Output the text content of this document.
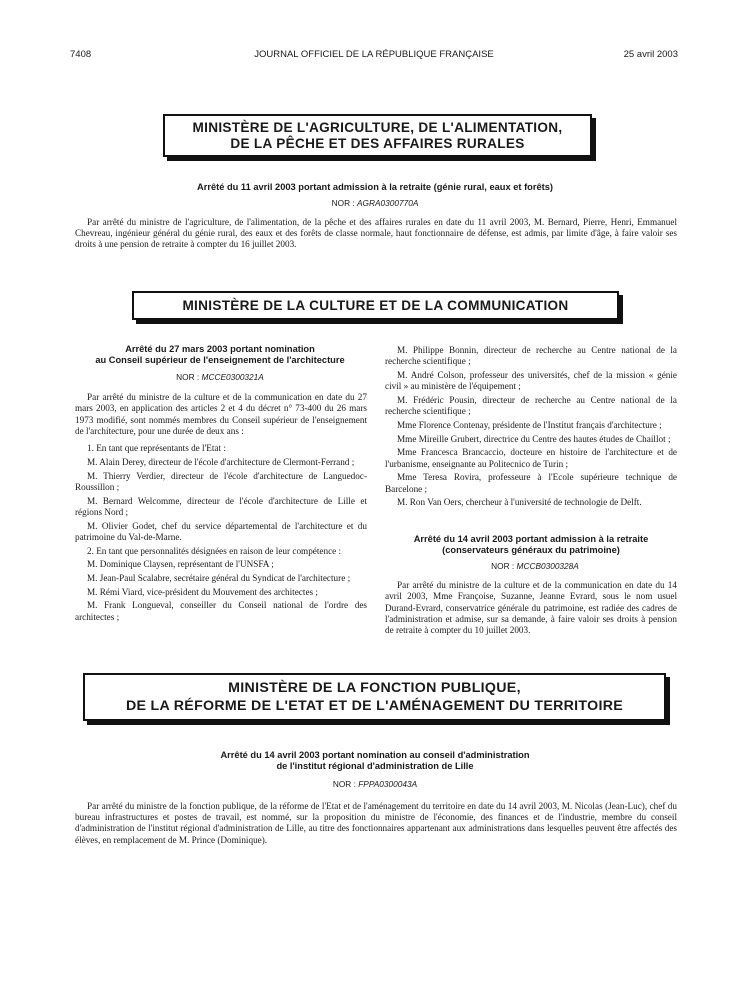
7408	JOURNAL OFFICIEL DE LA RÉPUBLIQUE FRANÇAISE	25 avril 2003
MINISTÈRE DE L'AGRICULTURE, DE L'ALIMENTATION,
DE LA PÊCHE ET DES AFFAIRES RURALES
Arrêté du 11 avril 2003 portant admission à la retraite (génie rural, eaux et forêts)
NOR : AGRA0300770A

Par arrêté du ministre de l'agriculture, de l'alimentation, de la pêche et des affaires rurales en date du 11 avril 2003, M. Bernard, Pierre, Henri, Emmanuel Chevreau, ingénieur général du génie rural, des eaux et des forêts de classe normale, haut fonctionnaire de défense, est admis, par limite d'âge, à faire valoir ses droits à une pension de retraite à compter du 16 juillet 2003.

MINISTÈRE DE LA CULTURE ET DE LA COMMUNICATION
Arrêté du 27 mars 2003 portant nomination
au Conseil supérieur de l'enseignement de l'architecture
NOR : MCCE0300321A

Par arrêté du ministre de la culture et de la communication en date du 27 mars 2003, en application des articles 2 et 4 du décret n° 73-400 du 26 mars 1973 modifié, sont nommés membres du Conseil supérieur de l'enseignement de l'architecture, pour une durée de deux ans :

1. En tant que représentants de l'Etat :

M. Alain Derey, directeur de l'école d'architecture de Clermont-Ferrand ;

M. Thierry Verdier, directeur de l'école d'architecture de Languedoc-Roussillon ;

M. Bernard Welcomme, directeur de l'école d'architecture de Lille et régions Nord ;

M. Olivier Godet, chef du service départemental de l'architecture et du patrimoine du Val-de-Marne.

2. En tant que personnalités désignées en raison de leur compétence :

M. Dominique Claysen, représentant de l'UNSFA ;

M. Jean-Paul Scalabre, secrétaire général du Syndicat de l'architecture ;

M. Rémi Viard, vice-président du Mouvement des architectes ;

M. Frank Longueval, conseiller du Conseil national de l'ordre des architectes ;

M. Philippe Bonnin, directeur de recherche au Centre national de la recherche scientifique ;

M. André Colson, professeur des universités, chef de la mission « génie civil » au ministère de l'équipement ;

M. Frédéric Pousin, directeur de recherche au Centre national de la recherche scientifique ;

Mme Florence Contenay, présidente de l'Institut français d'architecture ;

Mme Mireille Grubert, directrice du Centre des hautes études de Chaillot ;

Mme Francesca Brancaccio, docteure en histoire de l'architecture et de l'urbanisme, enseignante au Politecnico de Turin ;

Mme Teresa Rovira, professeure à l'Ecole supérieure technique de Barcelone ;

M. Ron Van Oers, chercheur à l'université de technologie de Delft.

Arrêté du 14 avril 2003 portant admission à la retraite
(conservateurs généraux du patrimoine)
NOR : MCCB0300328A

Par arrêté du ministre de la culture et de la communication en date du 14 avril 2003, Mme Françoise, Suzanne, Jeanne Evrard, sous le nom usuel Durand-Evrard, conservatrice générale du patrimoine, est radiée des cadres de l'administration et admise, sur sa demande, à faire valoir ses droits à pension de retraite à compter du 10 juillet 2003.

MINISTÈRE DE LA FONCTION PUBLIQUE,
DE LA RÉFORME DE L'ETAT ET DE L'AMÉNAGEMENT DU TERRITOIRE
Arrêté du 14 avril 2003 portant nomination au conseil d'administration
de l'institut régional d'administration de Lille
NOR : FPPA0300043A

Par arrêté du ministre de la fonction publique, de la réforme de l'Etat et de l'aménagement du territoire en date du 14 avril 2003, M. Nicolas (Jean-Luc), chef du bureau infrastructures et postes de travail, est nommé, sur la proposition du ministre de l'économie, des finances et de l'industrie, membre du conseil d'administration de l'institut régional d'administration de Lille, au titre des fonctionnaires appartenant aux administrations dans lesquelles peuvent être affectés des élèves, en remplacement de M. Prince (Dominique).
